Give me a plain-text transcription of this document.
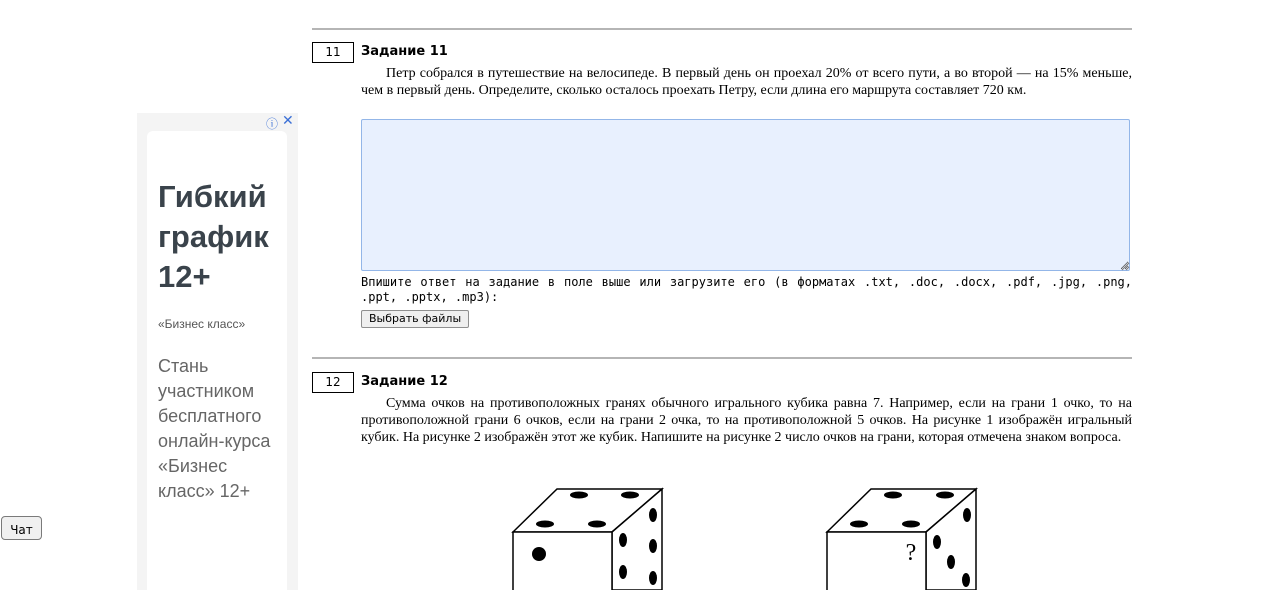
11	Задание 11

Петр собрался в путешествие на велосипеде. В первый день он проехал 20% от всего пути, а во второй — на 15% меньше, чем в первый день. Определите, сколько осталось проехать Петру, если длина его маршрута составляет 720 км.

Впишите ответ на задание в поле выше или загрузите его (в форматах .txt, .doc, .docx, .pdf, .jpg, .png, .ppt, .pptx, .mp3):

Выбрать файлы
12	Задание 12

Сумма очков на противоположных гранях обычного игрального кубика равна 7. Например, если на грани 1 очко, то на противоположной грани 6 очков, если на грани 2 очка, то на противоположной 5 очков. На рисунке 1 изображён игральный кубик. На рисунке 2 изображён этот же кубик. Напишите на рисунке 2 число очков на грани, которая отмечена знаком вопроса.

?
ⓘ ✕

Гибкий график 12+

«Бизнес класс»

Стань участником бесплатного онлайн-курса «Бизнес класс» 12+

Чат
